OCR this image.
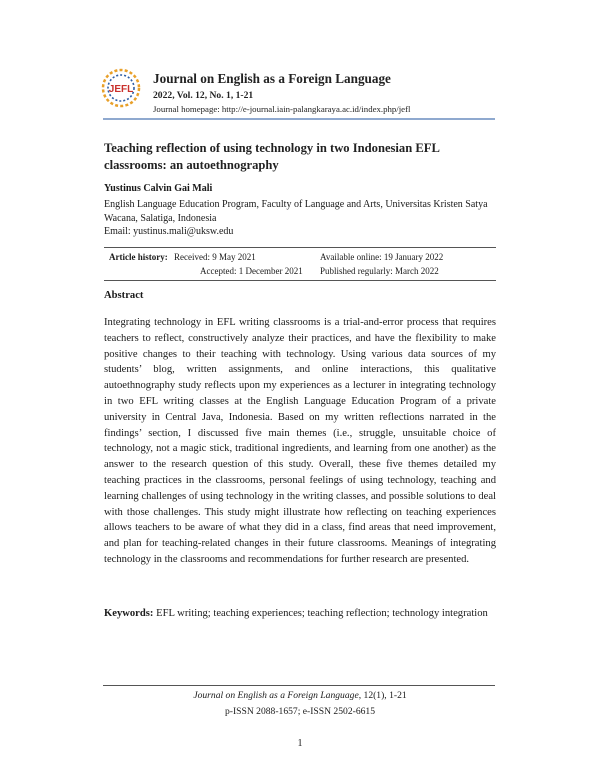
JEFL
Journal on English as a Foreign Language
2022, Vol. 12, No. 1, 1-21
Journal homepage: http://e-journal.iain-palangkaraya.ac.id/index.php/jefl
Teaching reflection of using technology in two Indonesian EFL classrooms: an autoethnography
Yustinus Calvin Gai Mali
English Language Education Program, Faculty of Language and Arts, Universitas Kristen Satya Wacana, Salatiga, Indonesia
Email: yustinus.mali@uksw.edu
Article history: Received: 9 May 2021
Accepted: 1 December 2021
Available online: 19 January 2022
Published regularly: March 2022
Abstract
Integrating technology in EFL writing classrooms is a trial-and-error process that requires teachers to reflect, constructively analyze their practices, and have the flexibility to make positive changes to their teaching with technology. Using various data sources of my students’ blog, written assignments, and online interactions, this qualitative autoethnography study reflects upon my experiences as a lecturer in integrating technology in two EFL writing classes at the English Language Education Program of a private university in Central Java, Indonesia. Based on my written reflections narrated in the findings’ section, I discussed five main themes (i.e., struggle, unsuitable choice of technology, not a magic stick, traditional ingredients, and learning from one another) as the answer to the research question of this study. Overall, these five themes detailed my teaching practices in the classrooms, personal feelings of using technology, teaching and learning challenges of using technology in the writing classes, and possible solutions to deal with those challenges. This study might illustrate how reflecting on teaching experiences allows teachers to be aware of what they did in a class, find areas that need improvement, and plan for teaching-related changes in their future classrooms. Meanings of integrating technology in the classrooms and recommendations for further research are presented.
Keywords: EFL writing; teaching experiences; teaching reflection; technology integration
Journal on English as a Foreign Language, 12(1), 1-21
p-ISSN 2088-1657; e-ISSN 2502-6615
1
